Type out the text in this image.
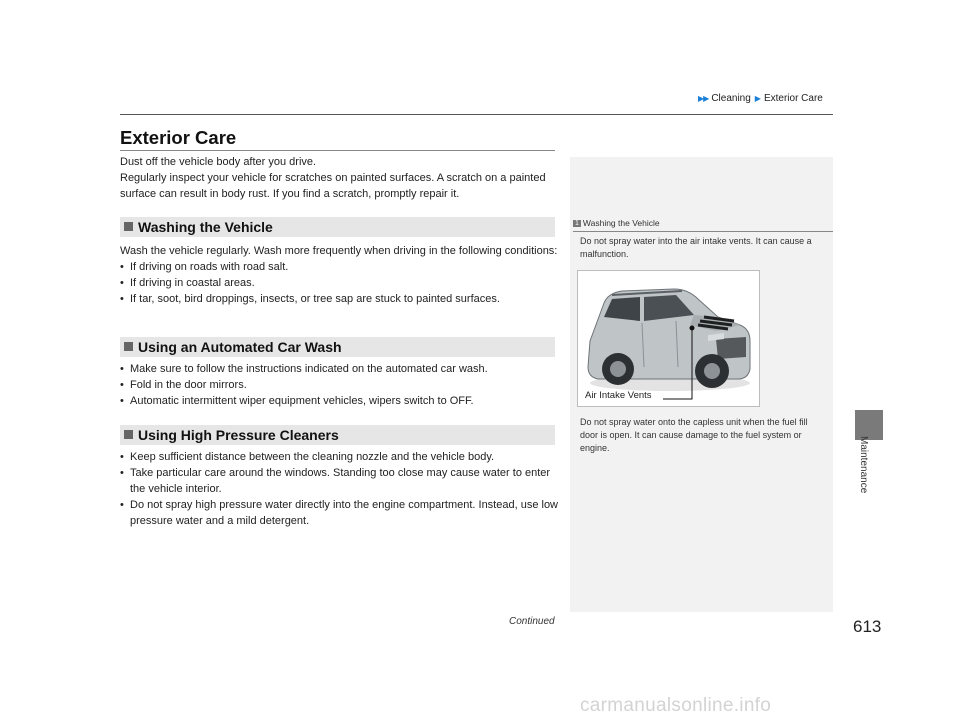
▶▶ Cleaning ▶ Exterior Care
Exterior Care
Dust off the vehicle body after you drive.
Regularly inspect your vehicle for scratches on painted surfaces. A scratch on a painted surface can result in body rust. If you find a scratch, promptly repair it.
Washing the Vehicle
Wash the vehicle regularly. Wash more frequently when driving in the following conditions:
• If driving on roads with road salt.
• If driving in coastal areas.
• If tar, soot, bird droppings, insects, or tree sap are stuck to painted surfaces.
Using an Automated Car Wash
• Make sure to follow the instructions indicated on the automated car wash.
• Fold in the door mirrors.
• Automatic intermittent wiper equipment vehicles, wipers switch to OFF.
Using High Pressure Cleaners
• Keep sufficient distance between the cleaning nozzle and the vehicle body.
• Take particular care around the windows. Standing too close may cause water to enter the vehicle interior.
• Do not spray high pressure water directly into the engine compartment. Instead, use low pressure water and a mild detergent.
1 Washing the Vehicle
Do not spray water into the air intake vents. It can cause a malfunction.
Air Intake Vents
Do not spray water onto the capless unit when the fuel fill door is open. It can cause damage to the fuel system or engine.	Maintenance
Continued	613
carmanualsonline.info
